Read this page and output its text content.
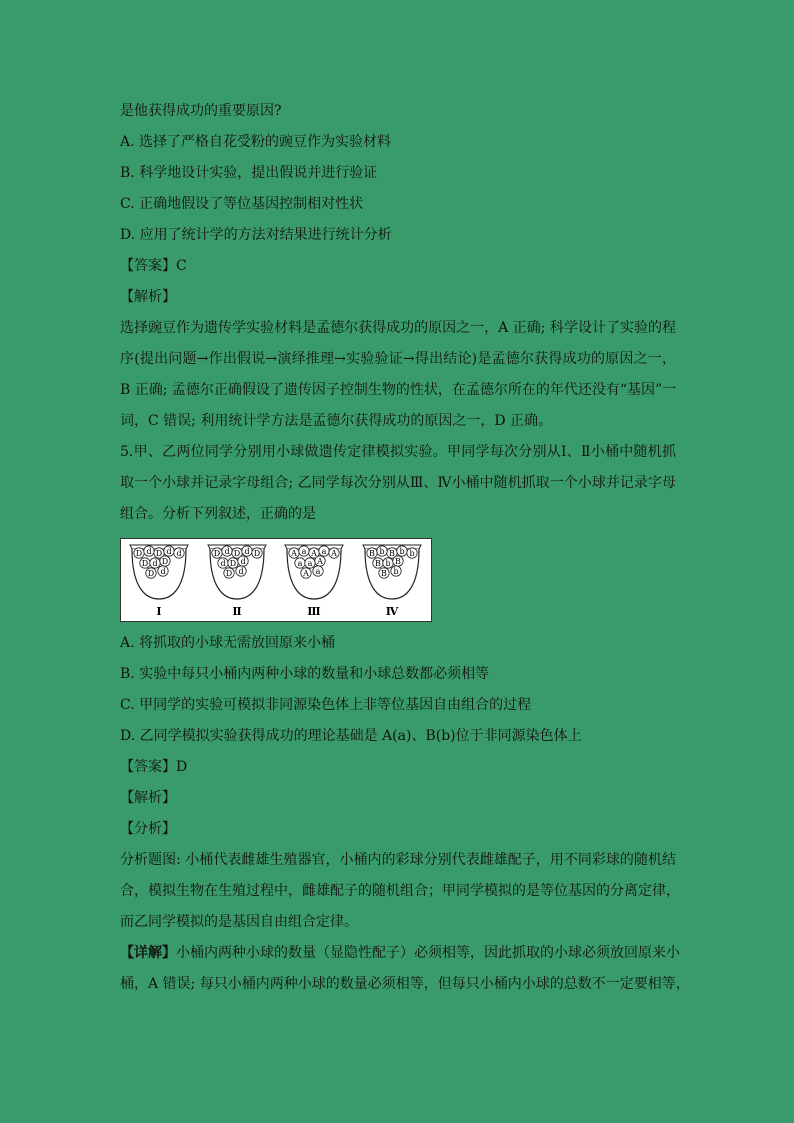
是他获得成功的重要原因?
A. 选择了严格自花受粉的豌豆作为实验材料
B. 科学地设计实验，提出假说并进行验证
C. 正确地假设了等位基因控制相对性状
D. 应用了统计学的方法对结果进行统计分析
【答案】C
【解析】
选择豌豆作为遗传学实验材料是孟德尔获得成功的原因之一，A 正确; 科学设计了实验的程
序(提出问题→作出假说→演绎推理→实验验证→得出结论)是孟德尔获得成功的原因之一，
B 正确; 孟德尔正确假设了遗传因子控制生物的性状，在孟德尔所在的年代还没有“基因”一
词，C 错误; 利用统计学方法是孟德尔获得成功的原因之一，D 正确。
5.甲、乙两位同学分别用小球做遗传定律模拟实验。甲同学每次分别从Ⅰ、Ⅱ小桶中随机抓
取一个小球并记录字母组合; 乙同学每次分别从Ⅲ、Ⅳ小桶中随机抓取一个小球并记录字母
组合。分析下列叙述，正确的是
D d D d d
D d D
D d
Ⅰ
D d D d D
d D d
D d
Ⅱ
A a A a A
a a A
A a
Ⅲ
B b B b b
B b B
B b
Ⅳ
A. 将抓取的小球无需放回原来小桶
B. 实验中每只小桶内两种小球的数量和小球总数都必须相等
C. 甲同学的实验可模拟非同源染色体上非等位基因自由组合的过程
D. 乙同学模拟实验获得成功的理论基础是 A(a)、B(b)位于非同源染色体上
【答案】D
【解析】
【分析】
分析题图: 小桶代表雌雄生殖器官，小桶内的彩球分别代表雌雄配子，用不同彩球的随机结
合，模拟生物在生殖过程中，雌雄配子的随机组合；甲同学模拟的是等位基因的分离定律，
而乙同学模拟的是基因自由组合定律。
【详解】小桶内两种小球的数量（显隐性配子）必须相等，因此抓取的小球必须放回原来小
桶，A 错误; 每只小桶内两种小球的数量必须相等，但每只小桶内小球的总数不一定要相等，
